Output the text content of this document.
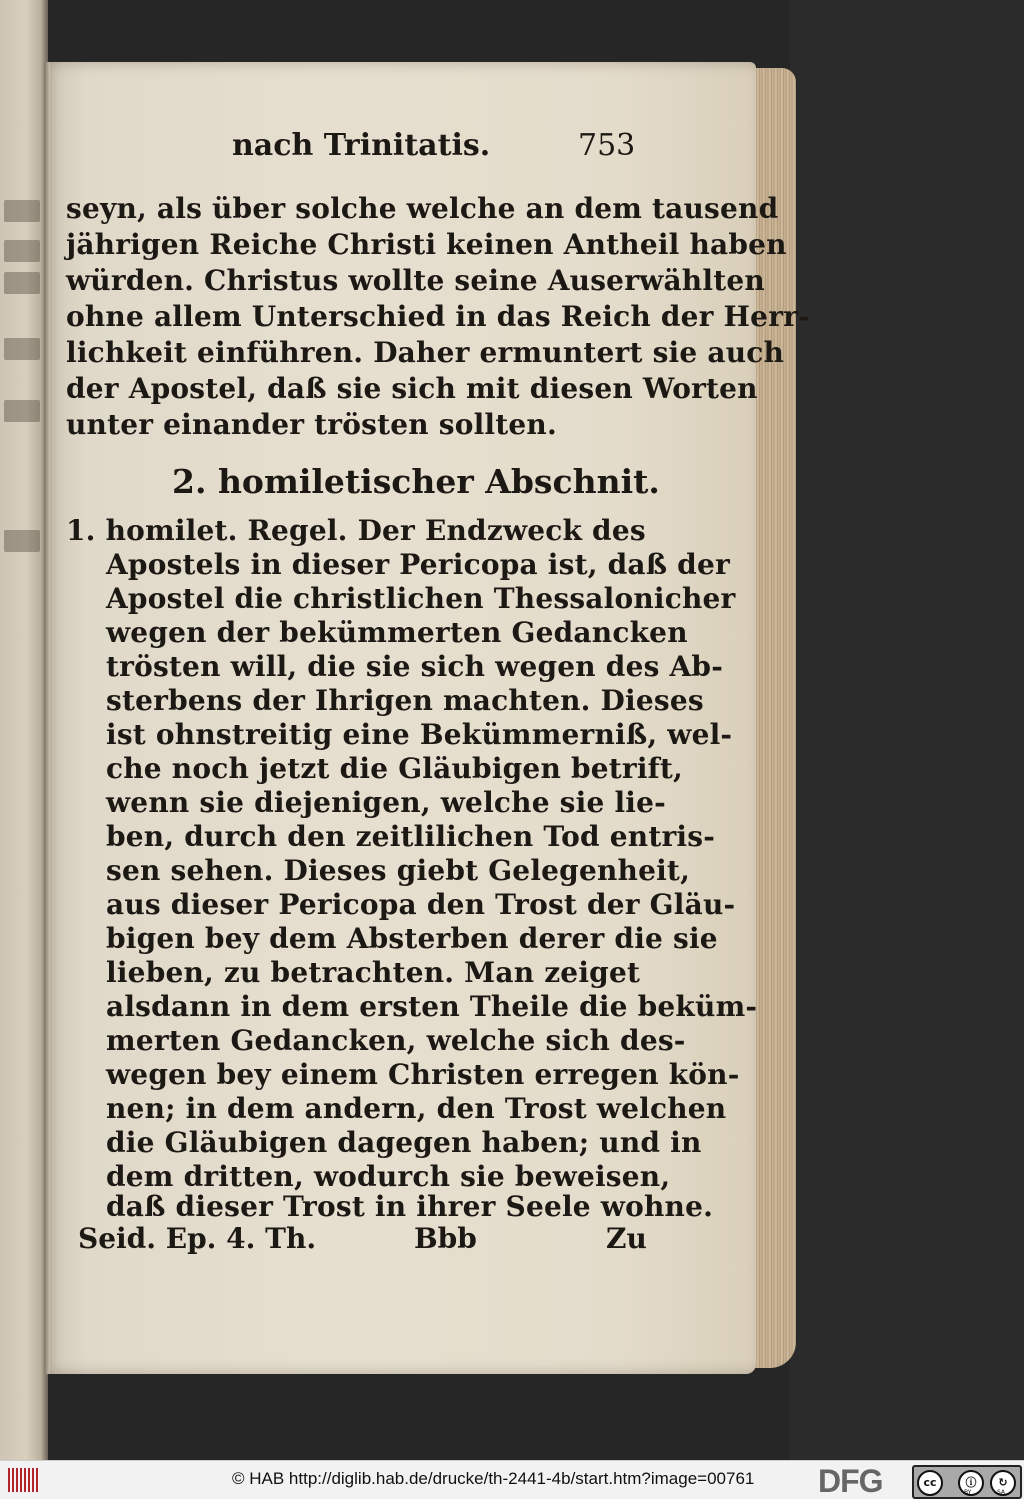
nach Trinitatis.	753
seyn, als über solche welche an dem tausend
jährigen Reiche Christi keinen Antheil haben
würden. Christus wollte seine Auserwählten
ohne allem Unterschied in das Reich der Herr-
lichkeit einführen. Daher ermuntert sie auch
der Apostel, daß sie sich mit diesen Worten
unter einander trösten sollten.
2. homiletischer Abschnit.
1. homilet. Regel. Der Endzweck des
Apostels in dieser Pericopa ist, daß der
Apostel die christlichen Thessalonicher
wegen der bekümmerten Gedancken
trösten will, die sie sich wegen des Ab-
sterbens der Ihrigen machten. Dieses
ist ohnstreitig eine Bekümmerniß, wel-
che noch jetzt die Gläubigen betrift,
wenn sie diejenigen, welche sie lie-
ben, durch den zeitlilichen Tod entris-
sen sehen. Dieses giebt Gelegenheit,
aus dieser Pericopa den Trost der Gläu-
bigen bey dem Absterben derer die sie
lieben, zu betrachten. Man zeiget
alsdann in dem ersten Theile die beküm-
merten Gedancken, welche sich des-
wegen bey einem Christen erregen kön-
nen; in dem andern, den Trost welchen
die Gläubigen dagegen haben; und in
dem dritten, wodurch sie beweisen,
daß dieser Trost in ihrer Seele wohne.
Seid. Ep. 4. Th.	Bbb	Zu
© HAB http://diglib.hab.de/drucke/th-2441-4b/start.htm?image=00761 DFG	cc	ⓘ	↻
BY	SA
